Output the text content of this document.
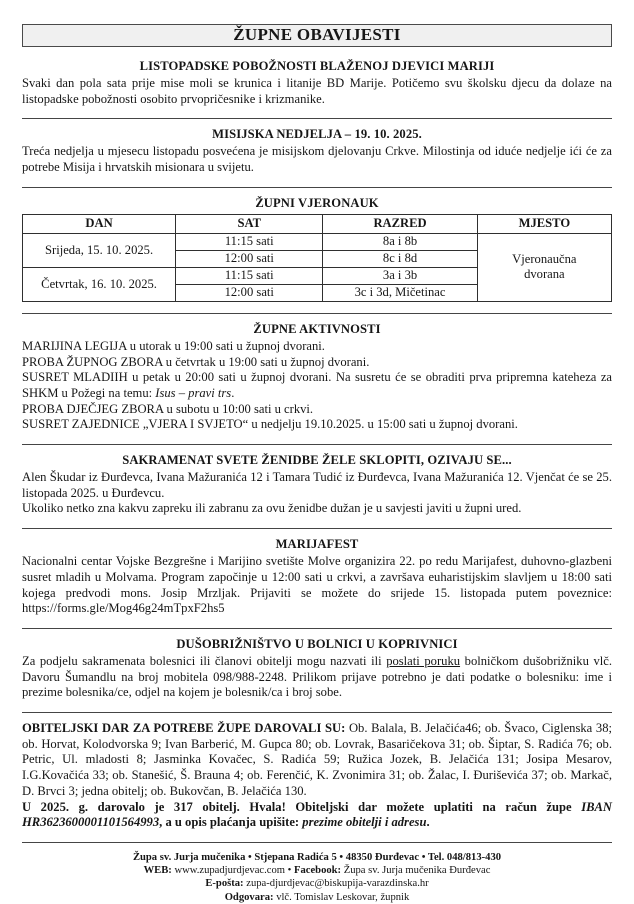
ŽUPNE OBAVIJESTI
LISTOPADSKE POBOŽNOSTI BLAŽENOJ DJEVICI MARIJI

Svaki dan pola sata prije mise moli se krunica i litanije BD Marije. Potičemo svu školsku djecu da dolaze na listopadske pobožnosti osobito prvopričesnike i krizmanike.

MISIJSKA NEDJELJA – 19. 10. 2025.

Treća nedjelja u mjesecu listopadu posvećena je misijskom djelovanju Crkve. Milostinja od iduće nedjelje ići će za potrebe Misija i hrvatskih misionara u svijetu.

ŽUPNI VJERONAUK
DAN	SAT	RAZRED	MJESTO
Srijeda, 15. 10. 2025.	11:15 sati	8a i 8b	Vjeronaučna dvorana
	12:00 sati	8c i 8d	
Četvrtak, 16. 10. 2025.	11:15 sati	3a i 3b	
	12:00 sati	3c i 3d, Mičetinac	
ŽUPNE AKTIVNOSTI

MARIJINA LEGIJA u utorak u 19:00 sati u župnoj dvorani.

PROBA ŽUPNOG ZBORA u četvrtak u 19:00 sati u župnoj dvorani.

SUSRET MLADIIH u petak u 20:00 sati u župnoj dvorani. Na susretu će se obraditi prva pripremna kateheza za SHKM u Požegi na temu: Isus – pravi trs.

PROBA DJEČJEG ZBORA u subotu u 10:00 sati u crkvi.

SUSRET ZAJEDNICE „VJERA I SVJETO“ u nedjelju 19.10.2025. u 15:00 sati u župnoj dvorani.

SAKRAMENAT SVETE ŽENIDBE ŽELE SKLOPITI, OZIVAJU SE...

Alen Škudar iz Đurđevca, Ivana Mažuranića 12 i Tamara Tudić iz Đurđevca, Ivana Mažuranića 12. Vjenčat će se 25. listopada 2025. u Đurđevcu.

Ukoliko netko zna kakvu zapreku ili zabranu za ovu ženidbe dužan je u savjesti javiti u župni ured.

MARIJAFEST

Nacionalni centar Vojske Bezgrešne i Marijino svetište Molve organizira 22. po redu Marijafest, duhovno-glazbeni susret mladih u Molvama. Program započinje u 12:00 sati u crkvi, a završava euharistijskim slavljem u 18:00 sati kojega predvodi mons. Josip Mrzljak. Prijaviti se možete do srijede 15. listopada putem poveznice: https://forms.gle/Mog46g24mTpxF2hs5

DUŠOBRIŽNIŠTVO U BOLNICI U KOPRIVNICI

Za podjelu sakramenata bolesnici ili članovi obitelji mogu nazvati ili poslati poruku bolničkom dušobrižniku vlč. Davoru Šumandlu na broj mobitela 098/988-2248. Prilikom prijave potrebno je dati podatke o bolesniku: ime i prezime bolesnika/ce, odjel na kojem je bolesnik/ca i broj sobe.

OBITELJSKI DAR ZA POTREBE ŽUPE DAROVALI SU: Ob. Balala, B. Jelačića46; ob. Švaco, Ciglenska 38; ob. Horvat, Kolodvorska 9; Ivan Barberić, M. Gupca 80; ob. Lovrak, Basaričekova 31; ob. Šiptar, S. Radića 76; ob. Petric, Ul. mladosti 8; Jasminka Kovačec, S. Radića 59; Ružica Jozek, B. Jelačića 131; Josipa Mesarov, I.G.Kovačića 33; ob. Stanešić, Š. Brauna 4; ob. Ferenčić, K. Zvonimira 31; ob. Žalac, I. Đuriševića 37; ob. Markač, D. Brvci 3; jedna obitelj; ob. Bukovčan, B. Jelačića 130.

U 2025. g. darovalo je 317 obitelj. Hvala! Obiteljski dar možete uplatiti na račun župe IBAN HR3623600001101564993, a u opis plaćanja upišite: prezime obitelji i adresu.

Župa sv. Jurja mučenika • Stjepana Radića 5 • 48350 Đurđevac • Tel. 048/813-430

WEB: www.zupadjurdjevac.com • Facebook: Župa sv. Jurja mučenika Đurđevac

E-pošta: zupa-djurdjevac@biskupija-varazdinska.hr

Odgovara: vlč. Tomislav Leskovar, župnik
